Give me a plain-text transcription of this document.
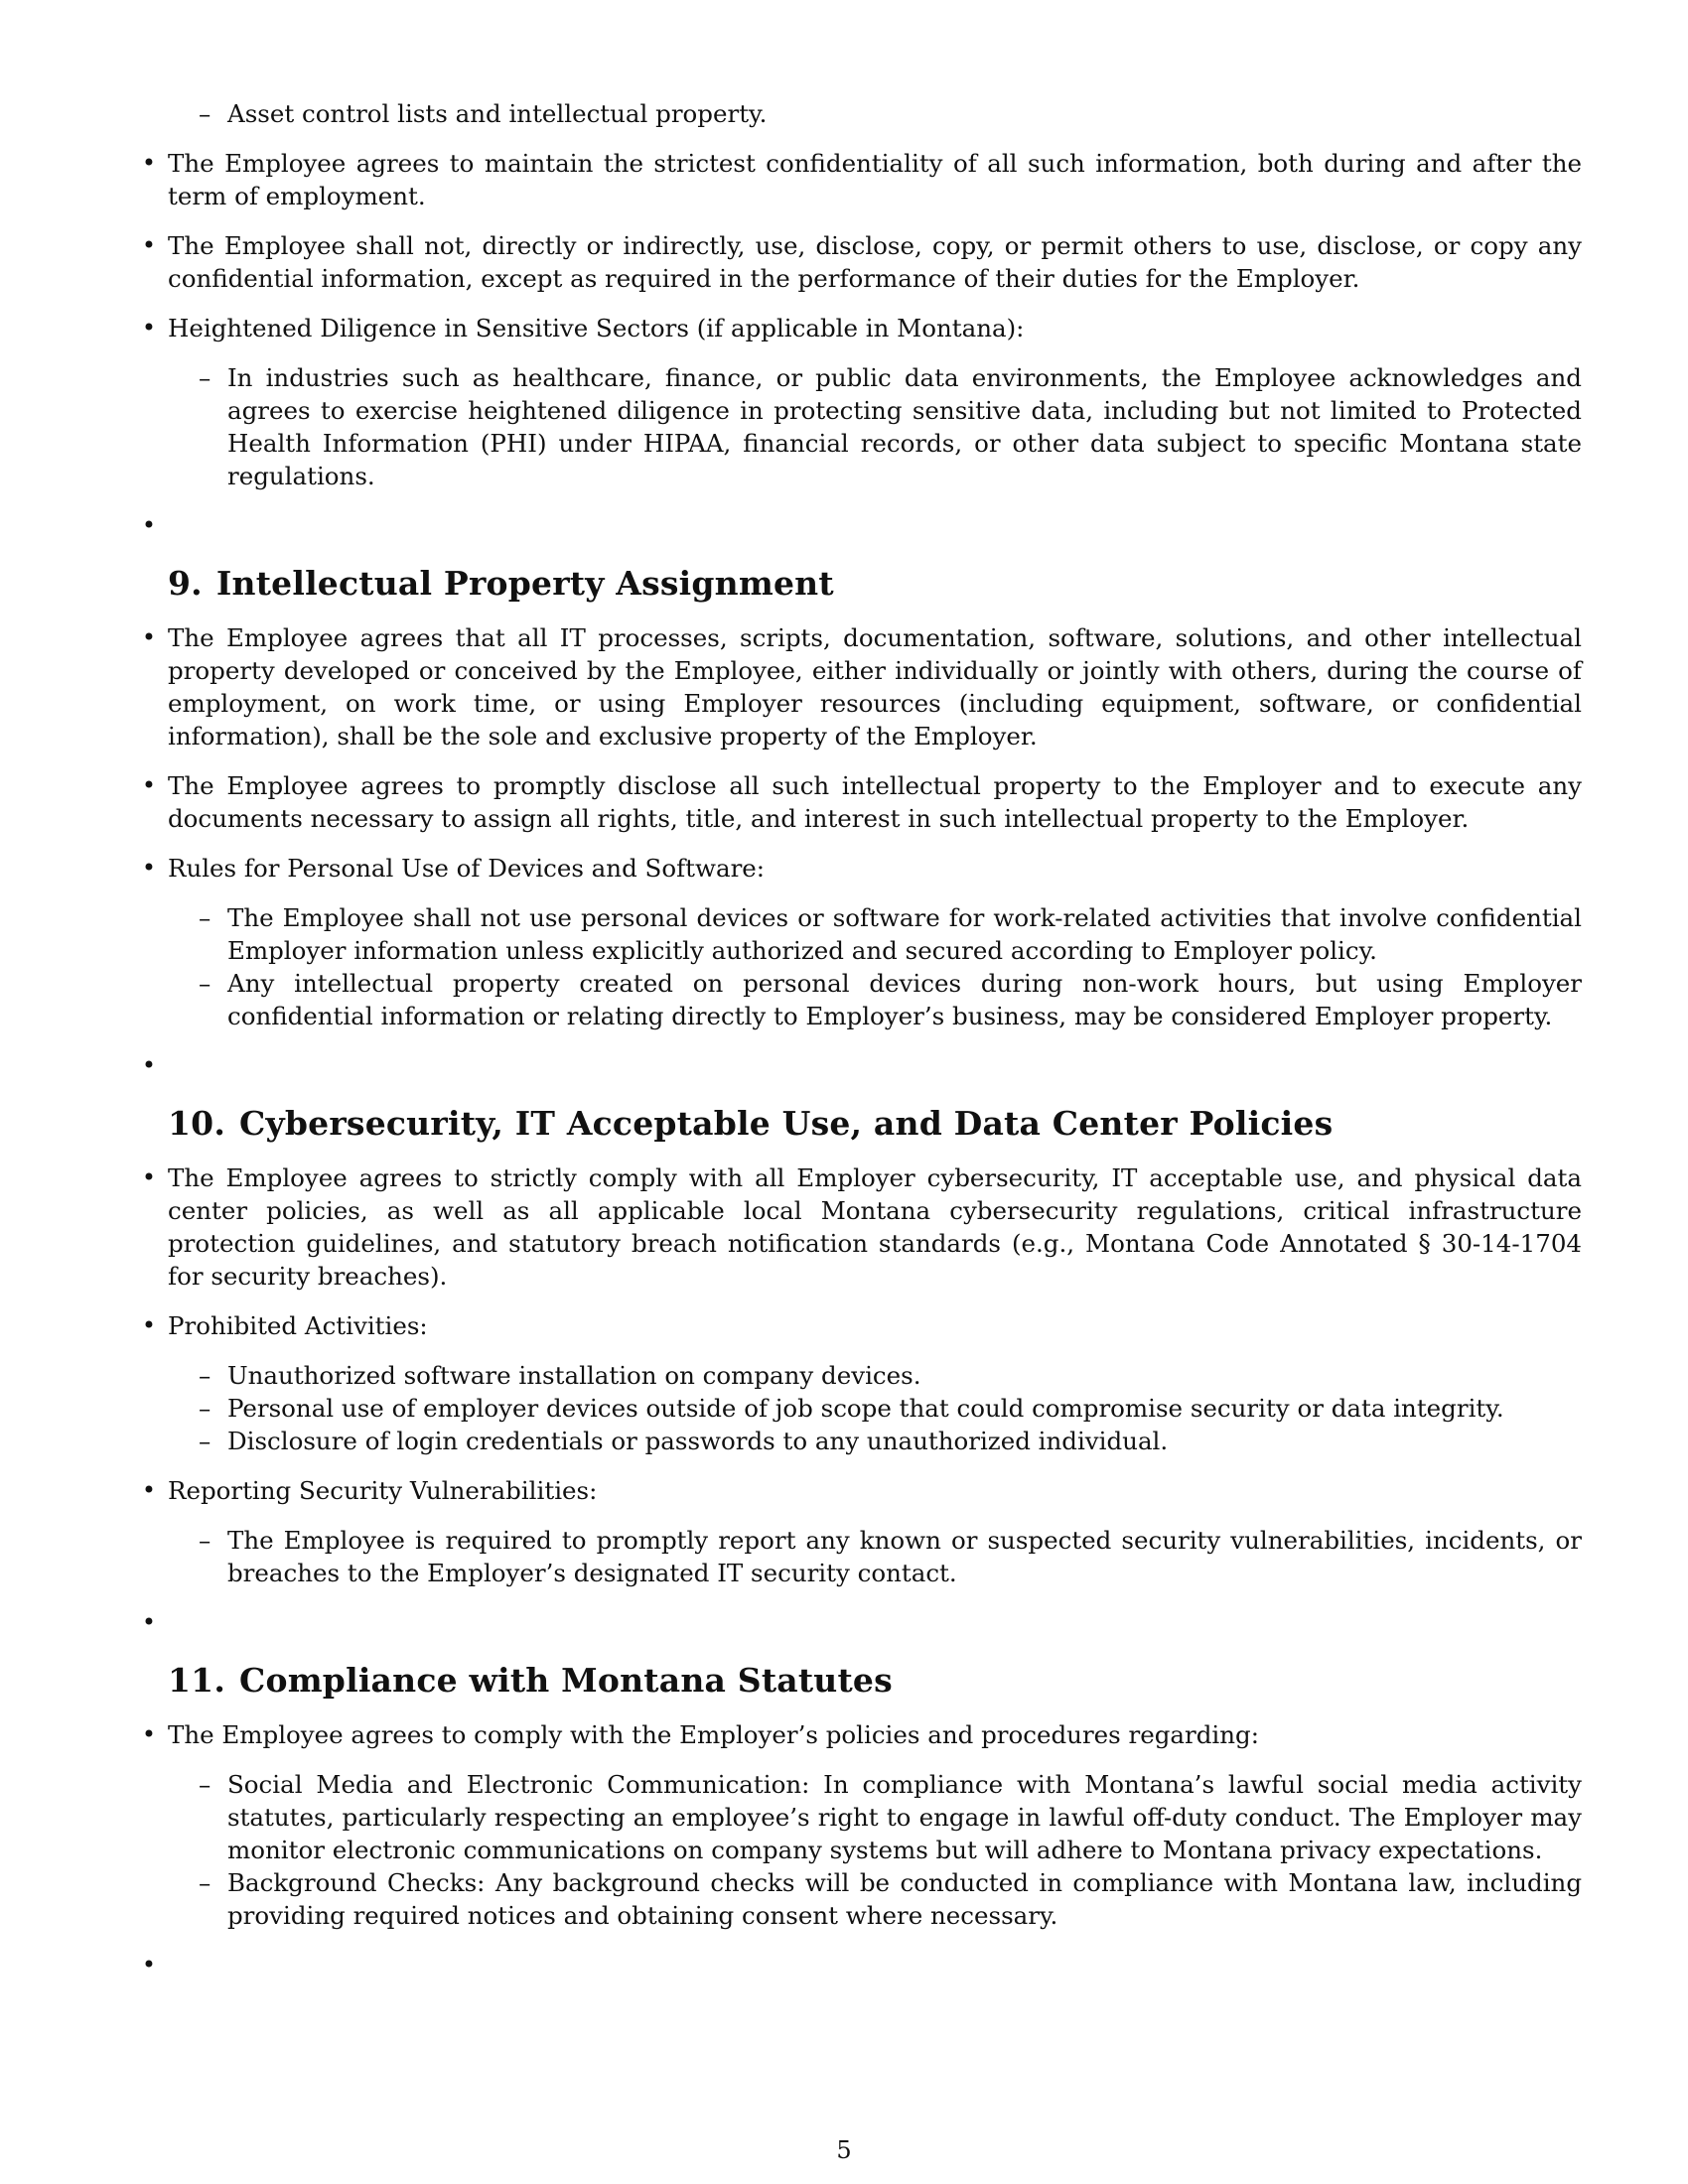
–
Asset control lists and intellectual property.
•
The Employee agrees to maintain the strictest confidentiality of all such information, both during and after the term of employment.
•
The Employee shall not, directly or indirectly, use, disclose, copy, or permit others to use, disclose, or copy any confidential information, except as required in the performance of their duties for the Employer.
•
Heightened Diligence in Sensitive Sectors (if applicable in Montana):
–
In industries such as healthcare, finance, or public data environments, the Employee acknowledges and agrees to exercise heightened diligence in protecting sensitive data, including but not limited to Protected Health Information (PHI) under HIPAA, financial records, or other data subject to specific Montana state regulations.
•
9. Intellectual Property Assignment
•
The Employee agrees that all IT processes, scripts, documentation, software, solutions, and other intellectual property developed or conceived by the Employee, either individually or jointly with others, during the course of employment, on work time, or using Employer resources (including equipment, software, or confidential information), shall be the sole and exclusive property of the Employer.
•
The Employee agrees to promptly disclose all such intellectual property to the Employer and to execute any documents necessary to assign all rights, title, and interest in such intellectual property to the Employer.
•
Rules for Personal Use of Devices and Software:
–
The Employee shall not use personal devices or software for work-related activities that involve confidential Employer information unless explicitly authorized and secured according to Employer policy.
–
Any intellectual property created on personal devices during non-work hours, but using Employer confidential information or relating directly to Employer’s business, may be considered Employer property.
•
10. Cybersecurity, IT Acceptable Use, and Data Center Policies
•
The Employee agrees to strictly comply with all Employer cybersecurity, IT acceptable use, and physical data center policies, as well as all applicable local Montana cybersecurity regulations, critical infrastructure protection guidelines, and statutory breach notification standards (e.g., Montana Code Annotated § 30-14-1704 for security breaches).
•
Prohibited Activities:
–
Unauthorized software installation on company devices.
–
Personal use of employer devices outside of job scope that could compromise security or data integrity.
–
Disclosure of login credentials or passwords to any unauthorized individual.
•
Reporting Security Vulnerabilities:
–
The Employee is required to promptly report any known or suspected security vulnerabilities, incidents, or breaches to the Employer’s designated IT security contact.
•
11. Compliance with Montana Statutes
•
The Employee agrees to comply with the Employer’s policies and procedures regarding:
–
Social Media and Electronic Communication: In compliance with Montana’s lawful social media activity statutes, particularly respecting an employee’s right to engage in lawful off-duty conduct. The Employer may monitor electronic communications on company systems but will adhere to Montana privacy expectations.
–
Background Checks: Any background checks will be conducted in compliance with Montana law, including providing required notices and obtaining consent where necessary.
•
5
